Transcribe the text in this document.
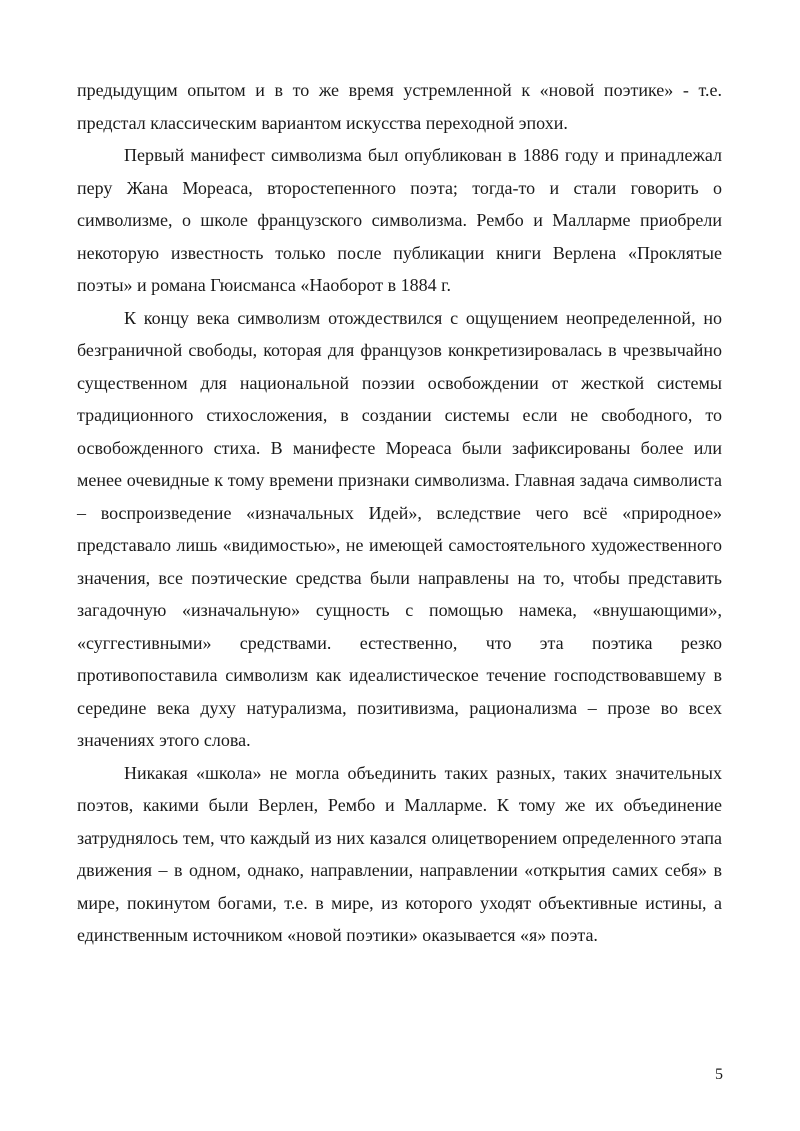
предыдущим опытом и в то же время устремленной к «новой поэтике» - т.е. предстал классическим вариантом искусства переходной эпохи.

Первый манифест символизма был опубликован в 1886 году и принадлежал перу Жана Мореаса, второстепенного поэта; тогда-то и стали говорить о символизме, о школе французского символизма. Рембо и Малларме приобрели некоторую известность только после публикации книги Верлена «Проклятые поэты» и романа Гюисманса «Наоборот в 1884 г.

К концу века символизм отождествился с ощущением неопределенной, но безграничной свободы, которая для французов конкретизировалась в чрезвычайно существенном для национальной поэзии освобождении от жесткой системы традиционного стихосложения, в создании системы если не свободного, то освобожденного стиха. В манифесте Мореаса были зафиксированы более или менее очевидные к тому времени признаки символизма. Главная задача символиста – воспроизведение «изначальных Идей», вследствие чего всё «природное» представало лишь «видимостью», не имеющей самостоятельного художественного значения, все поэтические средства были направлены на то, чтобы представить загадочную «изначальную» сущность с помощью намека, «внушающими», «суггестивными» средствами. естественно, что эта поэтика резко противопоставила символизм как идеалистическое течение господствовавшему в середине века духу натурализма, позитивизма, рационализма – прозе во всех значениях этого слова.

Никакая «школа» не могла объединить таких разных, таких значительных поэтов, какими были Верлен, Рембо и Малларме. К тому же их объединение затруднялось тем, что каждый из них казался олицетворением определенного этапа движения – в одном, однако, направлении, направлении «открытия самих себя» в мире, покинутом богами, т.е. в мире, из которого уходят объективные истины, а единственным источником «новой поэтики» оказывается «я» поэта.

5
